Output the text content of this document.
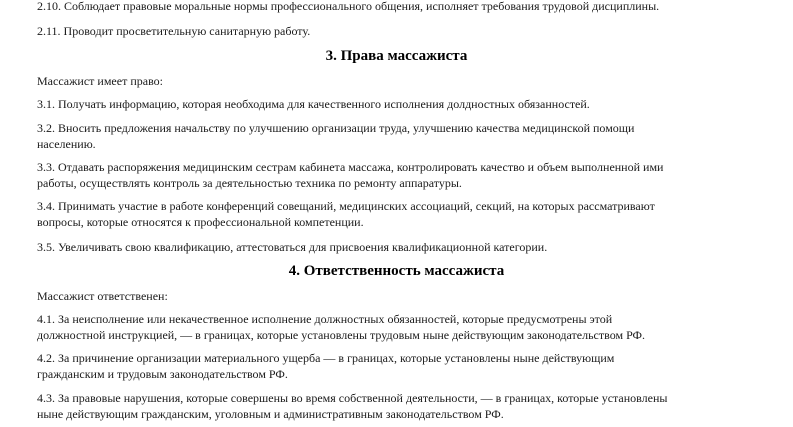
2.10. Соблюдает правовые моральные нормы профессионального общения, исполняет требования трудовой дисциплины.
2.11. Проводит просветительную санитарную работу.
3. Права массажиста
Массажист имеет право:
3.1. Получать информацию, которая необходима для качественного исполнения долдностных обязанностей.
3.2. Вносить предложения начальству по улучшению организации труда, улучшению качества медицинской помощи
населению.
3.3. Отдавать распоряжения медицинским сестрам кабинета массажа, контролировать качество и объем выполненной ими
работы, осуществлять контроль за деятельностью техника по ремонту аппаратуры.
3.4. Принимать участие в работе конференций совещаний, медицинских ассоциаций, секций, на которых рассматривают
вопросы, которые относятся к профессиональной компетенции.
3.5. Увеличивать свою квалификацию, аттестоваться для присвоения квалификационной категории.
4. Ответственность массажиста
Массажист ответственен:
4.1. За неисполнение или некачественное исполнение должностных обязанностей, которые предусмотрены этой
должностной инструкцией, — в границах, которые установлены трудовым ныне действующим законодательством РФ.
4.2. За причинение организации материального ущерба — в границах, которые установлены ныне действующим
гражданским и трудовым законодательством РФ.
4.3. За правовые нарушения, которые совершены во время собственной деятельности, — в границах, которые установлены
ныне действующим гражданским, уголовным и административным законодательством РФ.
